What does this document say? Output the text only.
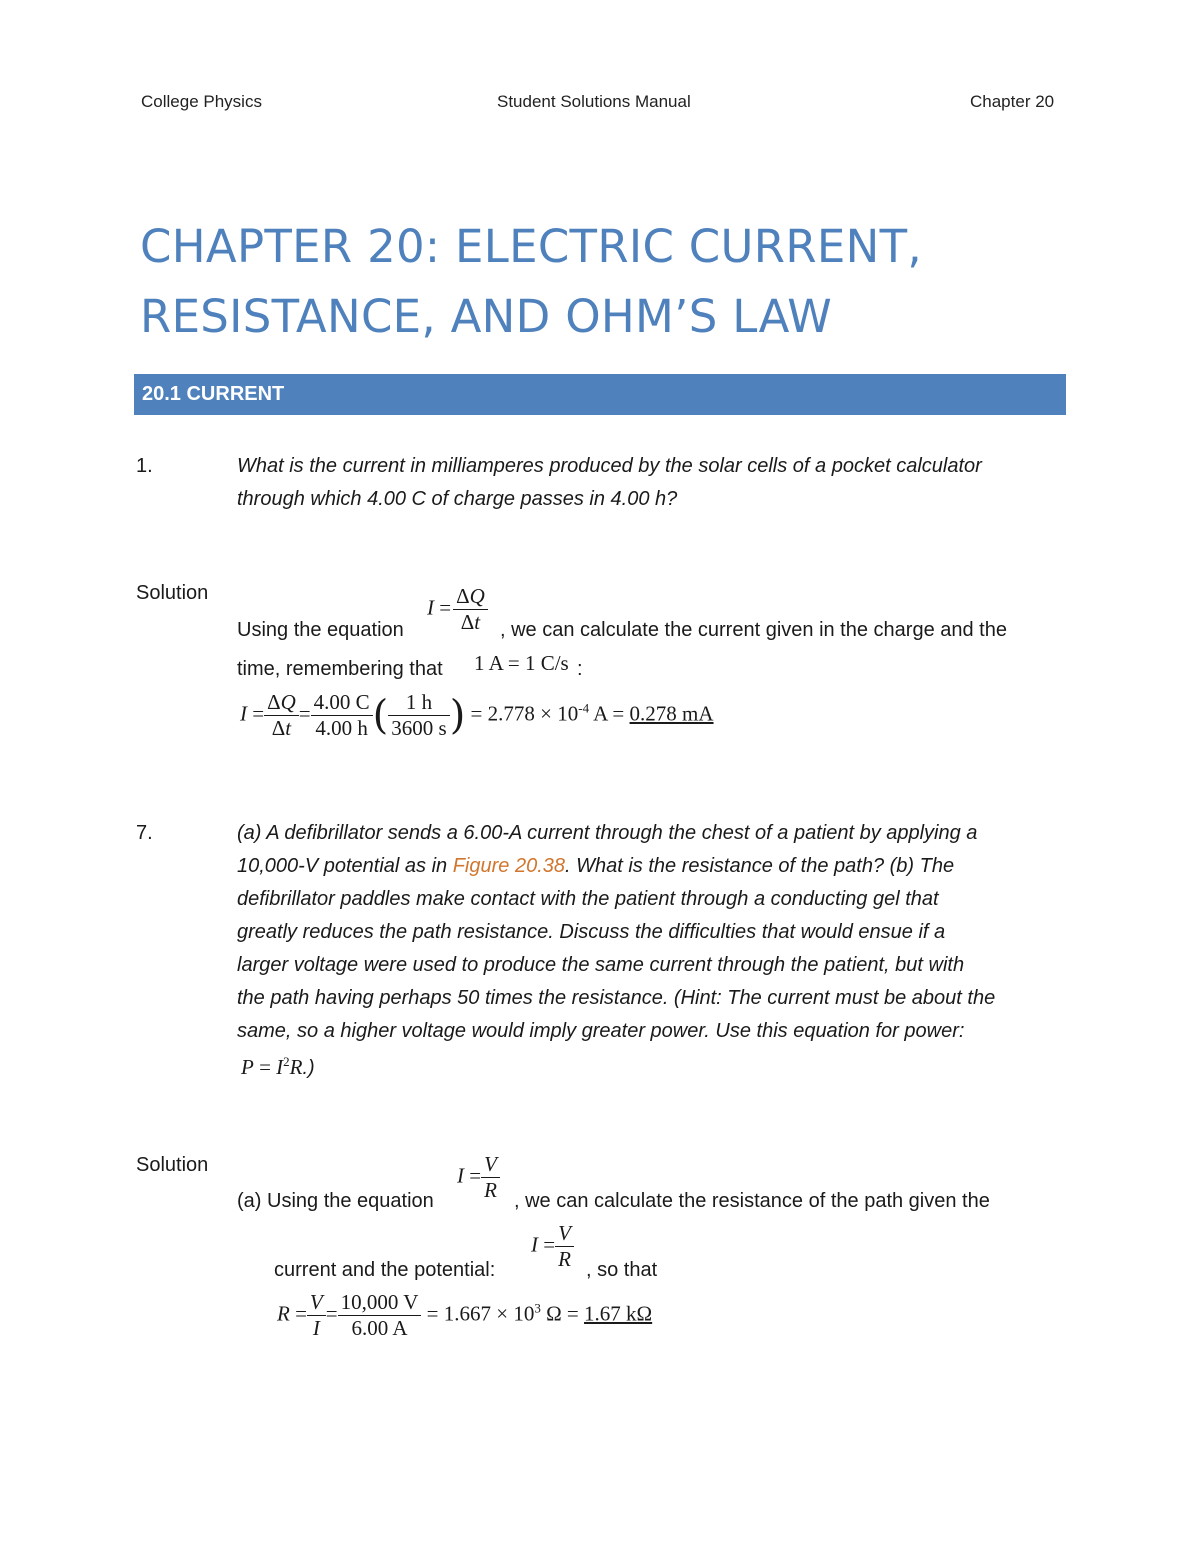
College Physics	Student Solutions Manual	Chapter 20
CHAPTER 20: ELECTRIC CURRENT,
RESISTANCE, AND OHM’S LAW
20.1 CURRENT
1.	What is the current in milliamperes produced by the solar cells of a pocket calculator
through which 4.00 C of charge passes in 4.00 h?
Solution
Using the equation
$I = \frac{\Delta Q}{\Delta t}$ , we can calculate the current given in the charge and the
time, remembering that 1 A = 1 C/s :
$I = \frac{\Delta Q}{\Delta t} = \frac{4.00 C}{4.00 h}$ ( $\frac{1 h}{3600 s}$ ) = $2.778 \times 10^{-4}$ A = 0.278 mA
7.	(a) A defibrillator sends a 6.00-A current through the chest of a patient by applying a
10,000-V potential as in Figure 20.38. What is the resistance of the path? (b) The
defibrillator paddles make contact with the patient through a conducting gel that
greatly reduces the path resistance. Discuss the difficulties that would ensue if a
larger voltage were used to produce the same current through the patient, but with
the path having perhaps 50 times the resistance. (Hint: The current must be about the
same, so a higher voltage would imply greater power. Use this equation for power:
$P = I^2R$.)
Solution
(a) Using the equation
$I = \frac{V}{R}$ , we can calculate the resistance of the path given the
current and the potential:
$I = \frac{V}{R}$ , so that
$R = \frac{V}{I} = \frac{10,000 V}{6.00 A} = 1.667 \times 10^3$ Ω = 1.67 kΩ
